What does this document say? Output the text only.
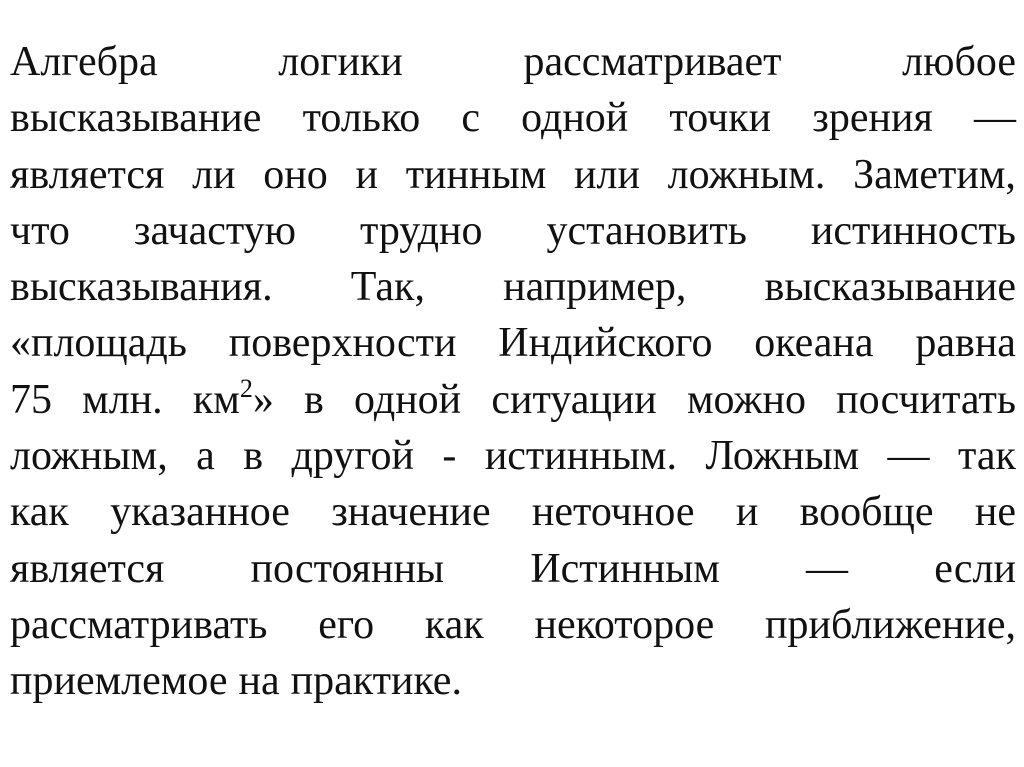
Алгебра	логики	рассматривает	любое
высказывание только с одной точки зрения —
является ли оно и тинным или ложным. Заметим,
что зачастую трудно установить истинность
высказывания. Так, например, высказывание
«площадь поверхности Индийского океана равна
75 млн. $км^2$» в одной ситуации можно посчитать
ложным, а в другой - истинным. Ложным — так
как указанное значение неточное и вообще не
является постоянны Истинным — если
рассматривать его как некоторое приближение,
приемлемое на практике.
